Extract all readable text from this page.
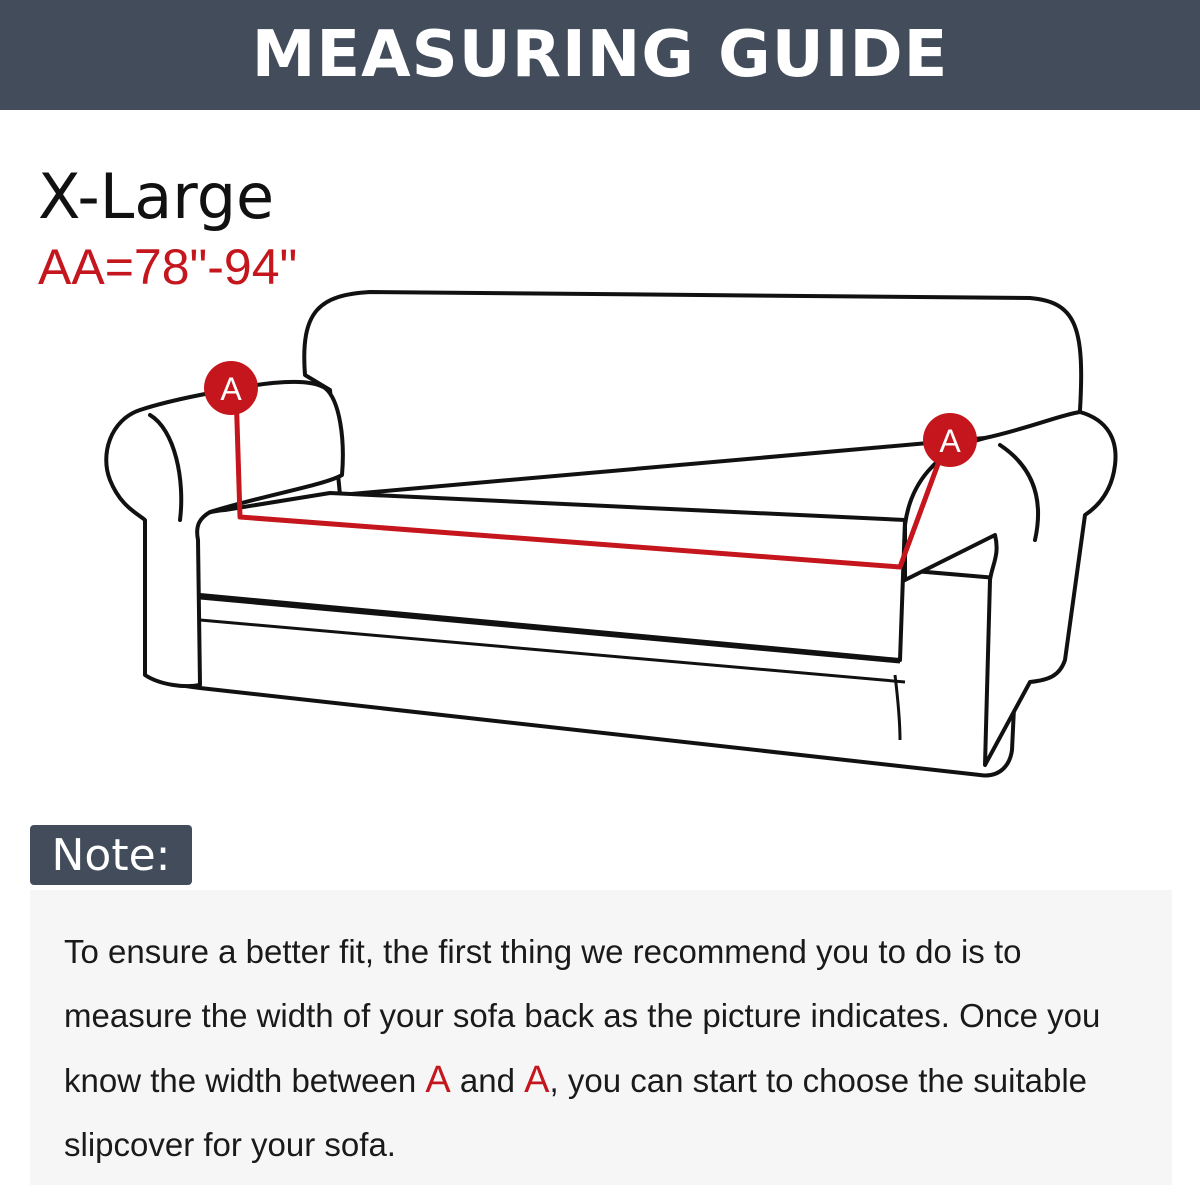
MEASURING GUIDE
X-Large
AA=78"-94"
A
A
Note:
To ensure a better fit, the first thing we recommend you to do is to measure the width of your sofa back as the picture indicates. Once you know the width between A and A, you can start to choose the suitable slipcover for your sofa.
